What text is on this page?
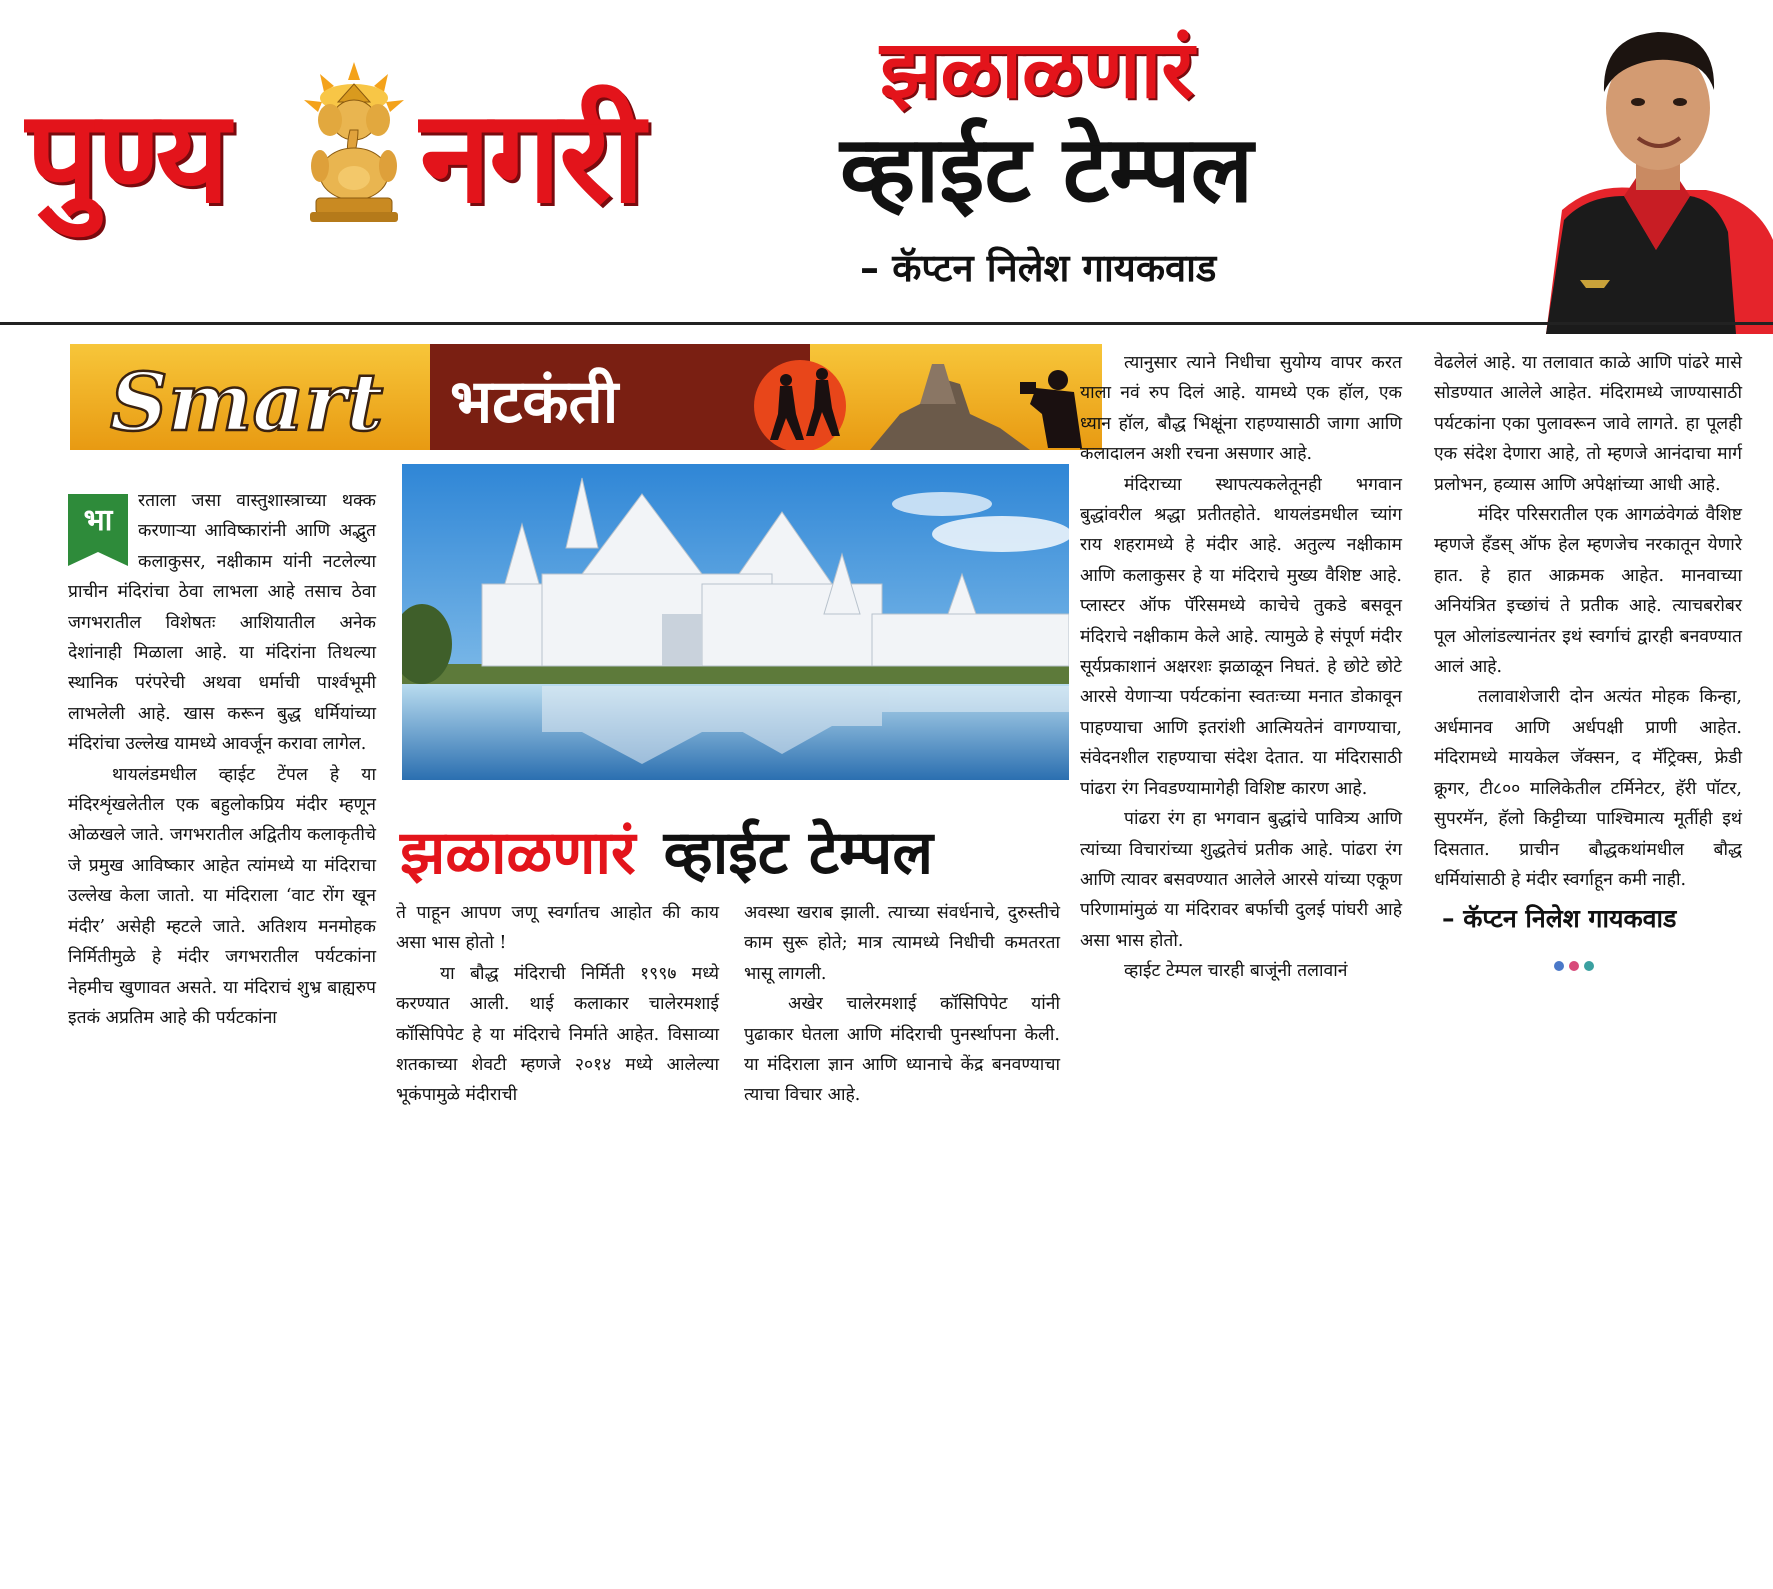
पुण्य नगरी
झळाळणारं
व्हाईट टेम्पल
– कॅप्टन निलेश गायकवाड
Smart भटकंती
झळाळणारं व्हाईट टेम्पल
भा

रताला जसा वास्तुशास्त्राच्या थक्क करणाऱ्या आविष्कारांनी आणि अद्भुत कलाकुसर, नक्षीकाम यांनी नटलेल्या प्राचीन मंदिरांचा ठेवा लाभला आहे तसाच ठेवा जगभरातील विशेषतः आशियातील अनेक देशांनाही मिळाला आहे. या मंदिरांना तिथल्या स्थानिक परंपरेची अथवा धर्माची पार्श्वभूमी लाभलेली आहे. खास करून बुद्ध धर्मियांच्या मंदिरांचा उल्लेख यामध्ये आवर्जून करावा लागेल.

थायलंडमधील व्हाईट टेंपल हे या मंदिरशृंखलेतील एक बहुलोकप्रिय मंदीर म्हणून ओळखले जाते. जगभरातील अद्वितीय कलाकृतीचे जे प्रमुख आविष्कार आहेत त्यांमध्ये या मंदिराचा उल्लेख केला जातो. या मंदिराला ‘वाट रोंग खून मंदीर’ असेही म्हटले जाते. अतिशय मनमोहक निर्मितीमुळे हे मंदीर जगभरातील पर्यटकांना नेहमीच खुणावत असते. या मंदिराचं शुभ्र बाह्यरुप इतकं अप्रतिम आहे की पर्यटकांना

ते पाहून आपण जणू स्वर्गातच आहोत की काय असा भास होतो !

या बौद्ध मंदिराची निर्मिती १९९७ मध्ये करण्यात आली. थाई कलाकार चालेरमशाई कॉसिपिपेट हे या मंदिराचे निर्माते आहेत. विसाव्या शतकाच्या शेवटी म्हणजे २०१४ मध्ये आलेल्या भूकंपामुळे मंदीराची

अवस्था खराब झाली. त्याच्या संवर्धनाचे, दुरुस्तीचे काम सुरू होते; मात्र त्यामध्ये निधीची कमतरता भासू लागली.

अखेर चालेरमशाई कॉसिपिपेट यांनी पुढाकार घेतला आणि मंदिराची पुनर्स्थापना केली. या मंदिराला ज्ञान आणि ध्यानाचे केंद्र बनवण्याचा त्याचा विचार आहे.

त्यानुसार त्याने निधीचा सुयोग्य वापर करत याला नवं रुप दिलं आहे. यामध्ये एक हॉल, एक ध्यान हॉल, बौद्ध भिक्षूंना राहण्यासाठी जागा आणि कलादालन अशी रचना असणार आहे.

मंदिराच्या स्थापत्यकलेतूनही भगवान बुद्धांवरील श्रद्धा प्रतीतहोते. थायलंडमधील च्यांग राय शहरामध्ये हे मंदीर आहे. अतुल्य नक्षीकाम आणि कलाकुसर हे या मंदिराचे मुख्य वैशिष्ट आहे. प्लास्टर ऑफ पॅरिसमध्ये काचेचे तुकडे बसवून मंदिराचे नक्षीकाम केले आहे. त्यामुळे हे संपूर्ण मंदीर सूर्यप्रकाशानं अक्षरशः झळाळून निघतं. हे छोटे छोटे आरसे येणाऱ्या पर्यटकांना स्वतःच्या मनात डोकावून पाहण्याचा आणि इतरांशी आत्मियतेनं वागण्याचा, संवेदनशील राहण्याचा संदेश देतात. या मंदिरासाठी पांढरा रंग निवडण्यामागेही विशिष्ट कारण आहे.

पांढरा रंग हा भगवान बुद्धांचे पावित्र्य आणि त्यांच्या विचारांच्या शुद्धतेचं प्रतीक आहे. पांढरा रंग आणि त्यावर बसवण्यात आलेले आरसे यांच्या एकूण परिणामांमुळं या मंदिरावर बर्फाची दुलई पांघरी आहे असा भास होतो.

व्हाईट टेम्पल चारही बाजूंनी तलावानं

वेढलेलं आहे. या तलावात काळे आणि पांढरे मासे सोडण्यात आलेले आहेत. मंदिरामध्ये जाण्यासाठी पर्यटकांना एका पुलावरून जावे लागते. हा पूलही एक संदेश देणारा आहे, तो म्हणजे आनंदाचा मार्ग प्रलोभन, हव्यास आणि अपेक्षांच्या आधी आहे.

मंदिर परिसरातील एक आगळंवेगळं वैशिष्ट म्हणजे हँडस् ऑफ हेल म्हणजेच नरकातून येणारे हात. हे हात आक्रमक आहेत. मानवाच्या अनियंत्रित इच्छांचं ते प्रतीक आहे. त्याचबरोबर पूल ओलांडल्यानंतर इथं स्वर्गाचं द्वारही बनवण्यात आलं आहे.

तलावाशेजारी दोन अत्यंत मोहक किन्हा, अर्धमानव आणि अर्धपक्षी प्राणी आहेत. मंदिरामध्ये मायकेल जॅक्सन, द मॅट्रिक्स, फ्रेडी क्रूगर, टी८०० मालिकेतील टर्मिनेटर, हॅरी पॉटर, सुपरमॅन, हॅलो किट्टीच्या पाश्चिमात्य मूर्तीही इथं दिसतात. प्राचीन बौद्धकथांमधील बौद्ध धर्मियांसाठी हे मंदीर स्वर्गाहून कमी नाही.

– कॅप्टन निलेश गायकवाड
